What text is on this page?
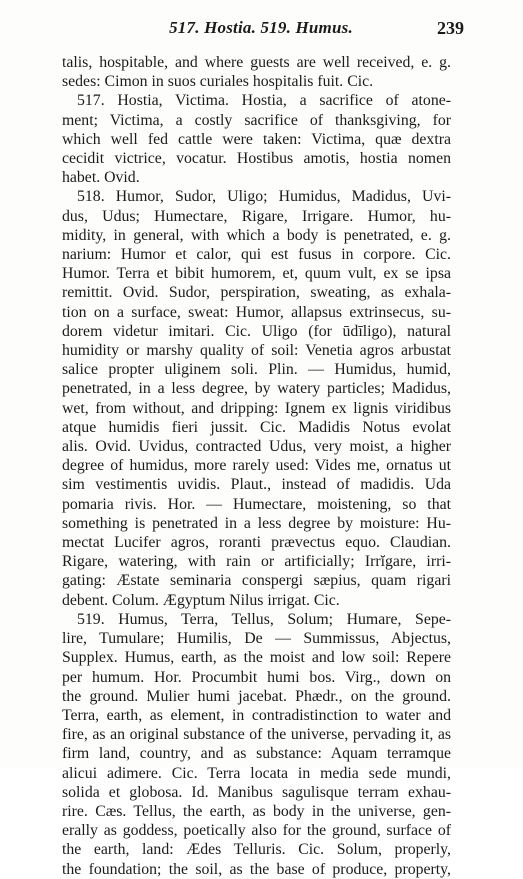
517. Hostia. 519. Humus.	239
talis, hospitable, and where guests are well received, e. g.
sedes: Cimon in suos curiales hospitalis fuit. Cic.
517. Hostia, Victima. Hostia, a sacrifice of atone-
ment; Victima, a costly sacrifice of thanksgiving, for
which well fed cattle were taken: Victima, quæ dextra
cecidit victrice, vocatur. Hostibus amotis, hostia nomen
habet. Ovid.
518. Humor, Sudor, Uligo; Humidus, Madidus, Uvi-
dus, Udus; Humectare, Rigare, Irrigare. Humor, hu-
midity, in general, with which a body is penetrated, e. g.
narium: Humor et calor, qui est fusus in corpore. Cic.
Humor. Terra et bibit humorem, et, quum vult, ex se ipsa
remittit. Ovid. Sudor, perspiration, sweating, as exhala-
tion on a surface, sweat: Humor, allapsus extrinsecus, su-
dorem videtur imitari. Cic. Uligo (for ūdīligo), natural
humidity or marshy quality of soil: Venetia agros arbustat
salice propter uliginem soli. Plin. — Humidus, humid,
penetrated, in a less degree, by watery particles; Madidus,
wet, from without, and dripping: Ignem ex lignis viridibus
atque humidis fieri jussit. Cic. Madidis Notus evolat
alis. Ovid. Uvidus, contracted Udus, very moist, a higher
degree of humidus, more rarely used: Vides me, ornatus ut
sim vestimentis uvidis. Plaut., instead of madidis. Uda
pomaria rivis. Hor. — Humectare, moistening, so that
something is penetrated in a less degree by moisture: Hu-
mectat Lucifer agros, roranti prævectus equo. Claudian.
Rigare, watering, with rain or artificially; Irrĭgare, irri-
gating: Æstate seminaria conspergi sæpius, quam rigari
debent. Colum. Ægyptum Nilus irrigat. Cic.
519. Humus, Terra, Tellus, Solum; Humare, Sepe-
lire, Tumulare; Humilis, De — Summissus, Abjectus,
Supplex. Humus, earth, as the moist and low soil: Repere
per humum. Hor. Procumbit humi bos. Virg., down on
the ground. Mulier humi jacebat. Phædr., on the ground.
Terra, earth, as element, in contradistinction to water and
fire, as an original substance of the universe, pervading it, as
firm land, country, and as substance: Aquam terramque
alicui adimere. Cic. Terra locata in media sede mundi,
solida et globosa. Id. Manibus sagulisque terram exhau-
rire. Cæs. Tellus, the earth, as body in the universe, gen-
erally as goddess, poetically also for the ground, surface of
the earth, land: Ædes Telluris. Cic. Solum, properly,
the foundation; the soil, as the base of produce, property,
